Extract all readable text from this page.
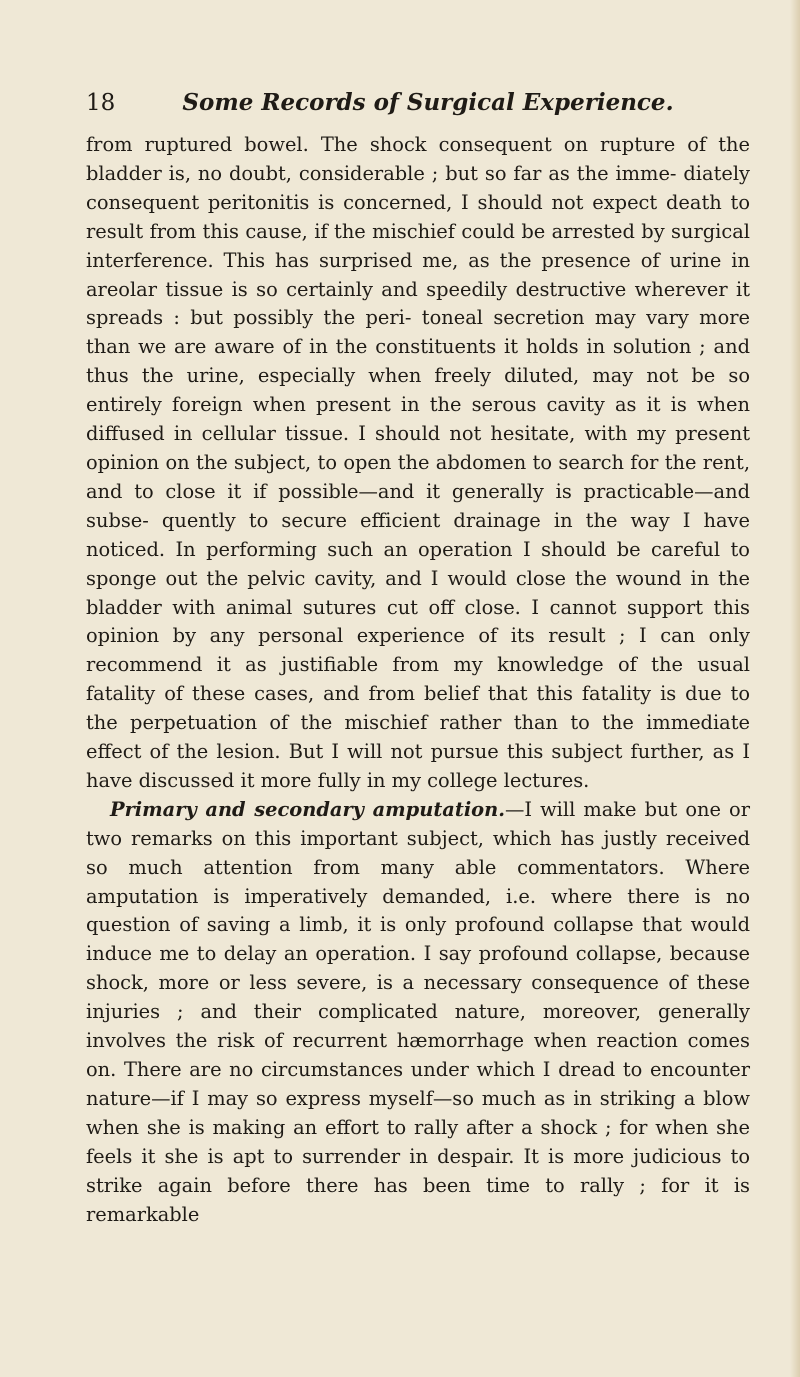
18	Some Records of Surgical Experience.

from ruptured bowel. The shock consequent on rupture of the bladder is, no doubt, considerable ; but so far as the imme- diately consequent peritonitis is concerned, I should not expect death to result from this cause, if the mischief could be arrested by surgical interference. This has surprised me, as the presence of urine in areolar tissue is so certainly and speedily destructive wherever it spreads : but possibly the peri- toneal secretion may vary more than we are aware of in the constituents it holds in solution ; and thus the urine, especially when freely diluted, may not be so entirely foreign when present in the serous cavity as it is when diffused in cellular tissue. I should not hesitate, with my present opinion on the subject, to open the abdomen to search for the rent, and to close it if possible—and it generally is practicable—and subse- quently to secure efficient drainage in the way I have noticed. In performing such an operation I should be careful to sponge out the pelvic cavity, and I would close the wound in the bladder with animal sutures cut off close. I cannot support this opinion by any personal experience of its result ; I can only recommend it as justifiable from my knowledge of the usual fatality of these cases, and from belief that this fatality is due to the perpetuation of the mischief rather than to the immediate effect of the lesion. But I will not pursue this subject further, as I have discussed it more fully in my college lectures.

Primary and secondary amputation.—I will make but one or two remarks on this important subject, which has justly received so much attention from many able commentators. Where amputation is imperatively demanded, i.e. where there is no question of saving a limb, it is only profound collapse that would induce me to delay an operation. I say profound collapse, because shock, more or less severe, is a necessary consequence of these injuries ; and their complicated nature, moreover, generally involves the risk of recurrent hæmorrhage when reaction comes on. There are no circumstances under which I dread to encounter nature—if I may so express myself—so much as in striking a blow when she is making an effort to rally after a shock ; for when she feels it she is apt to surrender in despair. It is more judicious to strike again before there has been time to rally ; for it is remarkable
